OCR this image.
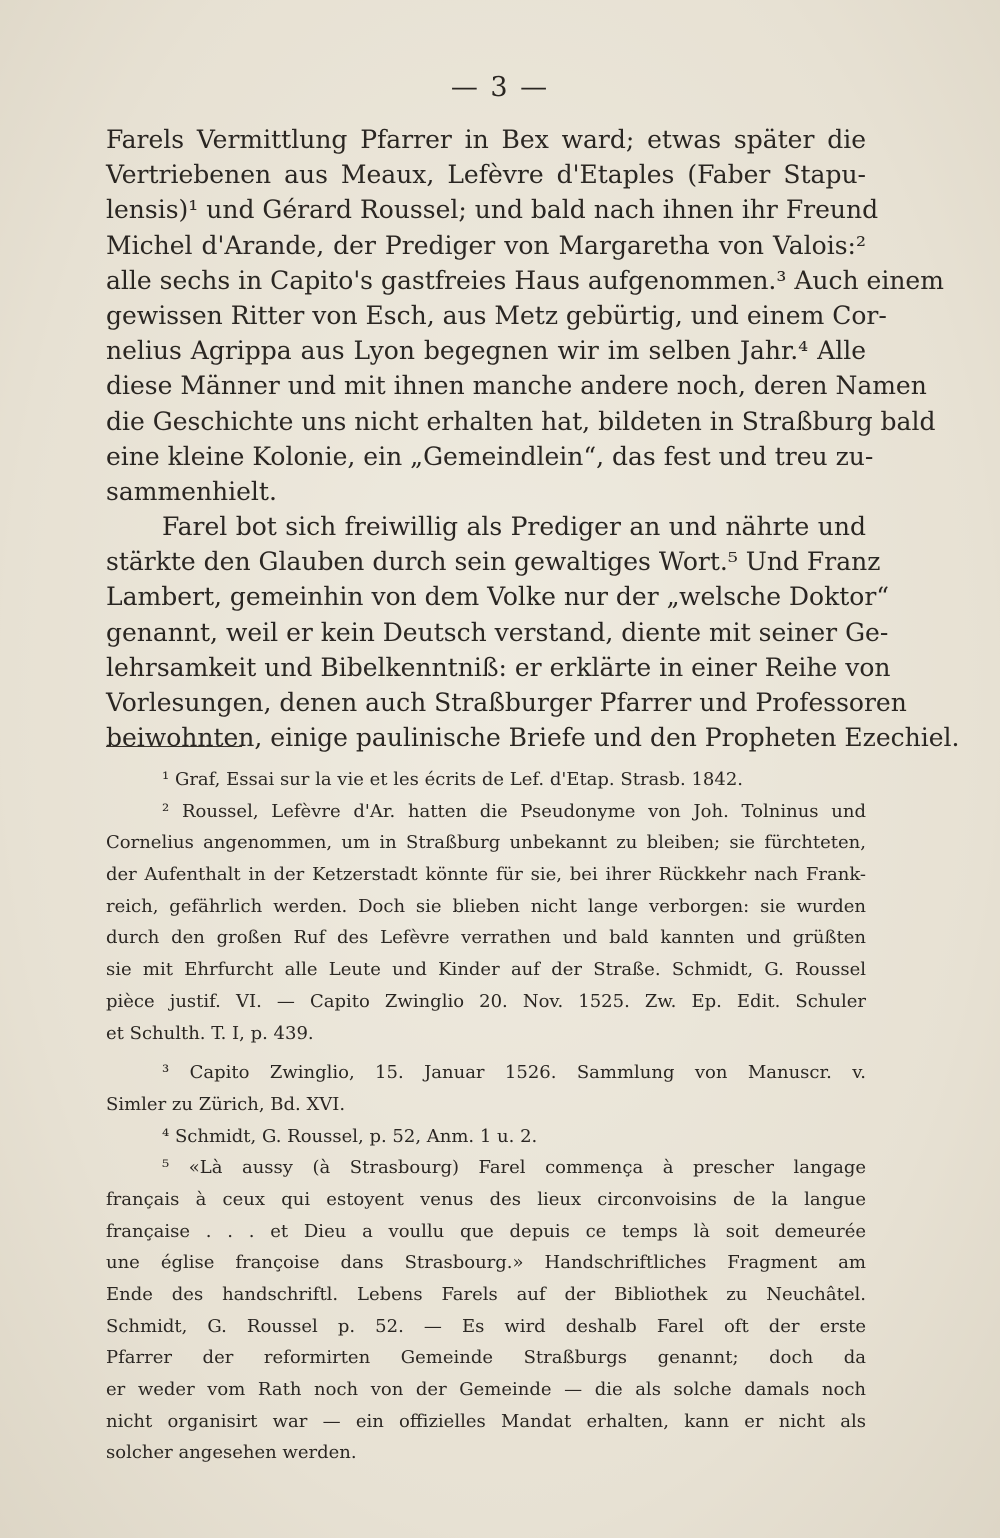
— 3 —
Farels Vermittlung Pfarrer in Bex ward; etwas später die
Vertriebenen aus Meaux, Lefèvre d'Etaples (Faber Stapu-
lensis)¹ und Gérard Roussel; und bald nach ihnen ihr Freund
Michel d'Arande, der Prediger von Margaretha von Valois:²
alle sechs in Capito's gastfreies Haus aufgenommen.³ Auch einem
gewissen Ritter von Esch, aus Metz gebürtig, und einem Cor-
nelius Agrippa aus Lyon begegnen wir im selben Jahr.⁴ Alle
diese Männer und mit ihnen manche andere noch, deren Namen
die Geschichte uns nicht erhalten hat, bildeten in Straßburg bald
eine kleine Kolonie, ein „Gemeindlein“, das fest und treu zu-
sammenhielt.
Farel bot sich freiwillig als Prediger an und nährte und
stärkte den Glauben durch sein gewaltiges Wort.⁵ Und Franz
Lambert, gemeinhin von dem Volke nur der „welsche Doktor“
genannt, weil er kein Deutsch verstand, diente mit seiner Ge-
lehrsamkeit und Bibelkenntniß: er erklärte in einer Reihe von
Vorlesungen, denen auch Straßburger Pfarrer und Professoren
beiwohnten, einige paulinische Briefe und den Propheten Ezechiel.
¹ Graf, Essai sur la vie et les écrits de Lef. d'Etap. Strasb. 1842.
² Roussel, Lefèvre d'Ar. hatten die Pseudonyme von Joh. Tolninus und
Cornelius angenommen, um in Straßburg unbekannt zu bleiben; sie fürchteten,
der Aufenthalt in der Ketzerstadt könnte für sie, bei ihrer Rückkehr nach Frank-
reich, gefährlich werden. Doch sie blieben nicht lange verborgen: sie wurden
durch den großen Ruf des Lefèvre verrathen und bald kannten und grüßten
sie mit Ehrfurcht alle Leute und Kinder auf der Straße. Schmidt, G. Roussel
pièce justif. VI. — Capito Zwinglio 20. Nov. 1525. Zw. Ep. Edit. Schuler
et Schulth. T. I, p. 439.
³ Capito Zwinglio, 15. Januar 1526. Sammlung von Manuscr. v.
Simler zu Zürich, Bd. XVI.
⁴ Schmidt, G. Roussel, p. 52, Anm. 1 u. 2.
⁵ «Là aussy (à Strasbourg) Farel commença à prescher langage
français à ceux qui estoyent venus des lieux circonvoisins de la langue
française . . . et Dieu a voullu que depuis ce temps là soit demeurée
une église françoise dans Strasbourg.» Handschriftliches Fragment am
Ende des handschriftl. Lebens Farels auf der Bibliothek zu Neuchâtel.
Schmidt, G. Roussel p. 52. — Es wird deshalb Farel oft der erste
Pfarrer der reformirten Gemeinde Straßburgs genannt; doch da
er weder vom Rath noch von der Gemeinde — die als solche damals noch
nicht organisirt war — ein offizielles Mandat erhalten, kann er nicht als
solcher angesehen werden.
